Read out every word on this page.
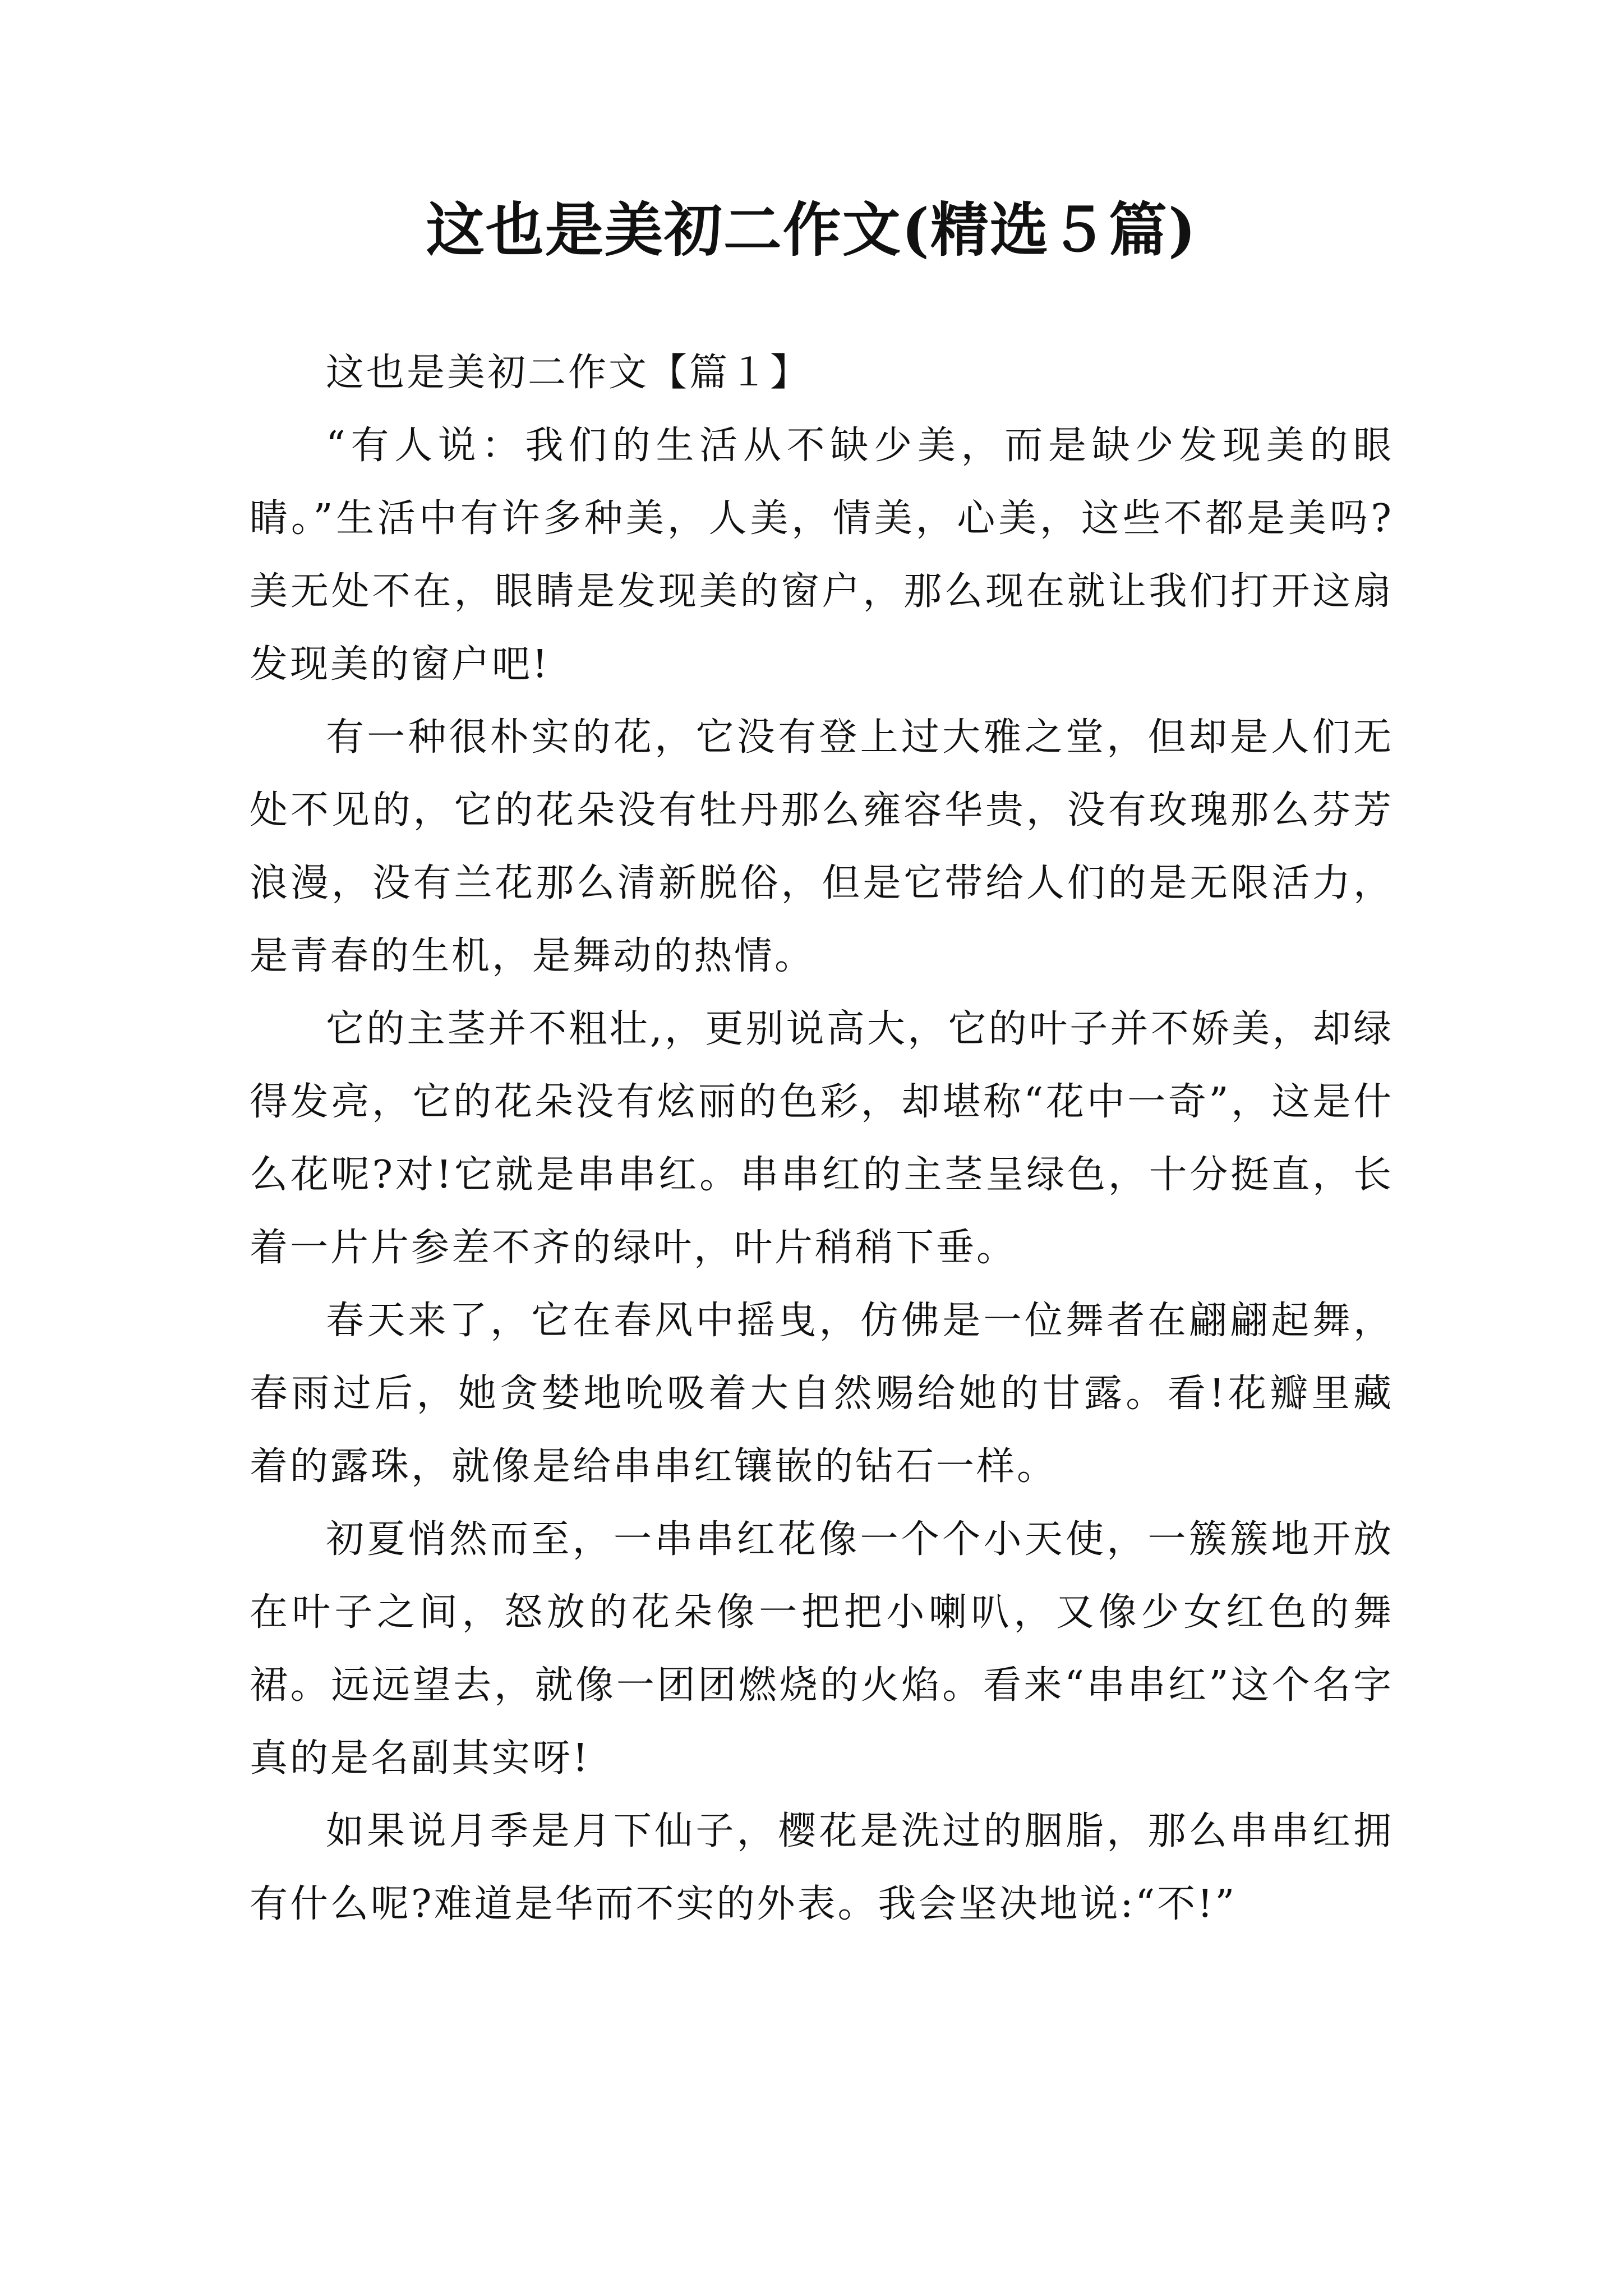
这也是美初二作文(精选５篇)

这也是美初二作文【篇１】

“有人说：我们的生活从不缺少美，而是缺少发现美的眼睛。”生活中有许多种美，人美，情美，心美，这些不都是美吗?美无处不在，眼睛是发现美的窗户，那么现在就让我们打开这扇发现美的窗户吧!

有一种很朴实的花，它没有登上过大雅之堂，但却是人们无处不见的，它的花朵没有牡丹那么雍容华贵，没有玫瑰那么芬芳浪漫，没有兰花那么清新脱俗，但是它带给人们的是无限活力，是青春的生机，是舞动的热情。

它的主茎并不粗壮,，更别说高大，它的叶子并不娇美，却绿得发亮，它的花朵没有炫丽的色彩，却堪称“花中一奇”，这是什么花呢?对!它就是串串红。串串红的主茎呈绿色，十分挺直，长着一片片参差不齐的绿叶，叶片稍稍下垂。

春天来了，它在春风中摇曳，仿佛是一位舞者在翩翩起舞，春雨过后，她贪婪地吮吸着大自然赐给她的甘露。看!花瓣里藏着的露珠，就像是给串串红镶嵌的钻石一样。

初夏悄然而至，一串串红花像一个个小天使，一簇簇地开放在叶子之间，怒放的花朵像一把把小喇叭，又像少女红色的舞裙。远远望去，就像一团团燃烧的火焰。看来“串串红”这个名字真的是名副其实呀!

如果说月季是月下仙子，樱花是洗过的胭脂，那么串串红拥有什么呢?难道是华而不实的外表。我会坚决地说:“不!”
